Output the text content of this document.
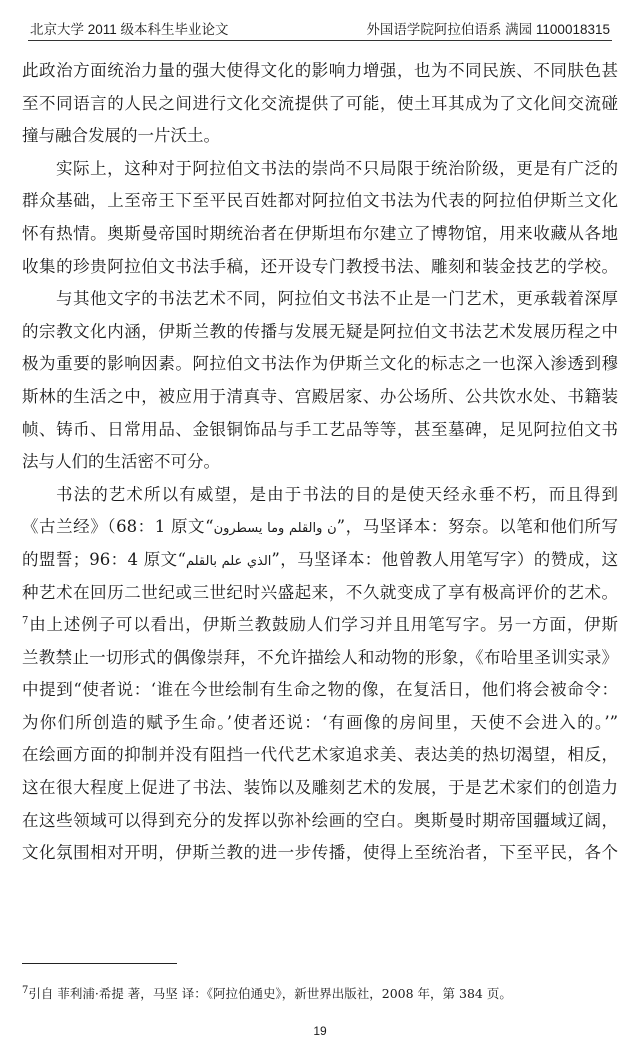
北京大学 2011 级本科生毕业论文	外国语学院阿拉伯语系 满园 1100018315
此政治方面统治力量的强大使得文化的影响力增强，也为不同民族、不同肤色甚
至不同语言的人民之间进行文化交流提供了可能，使土耳其成为了文化间交流碰
撞与融合发展的一片沃土。
实际上，这种对于阿拉伯文书法的崇尚不只局限于统治阶级，更是有广泛的
群众基础，上至帝王下至平民百姓都对阿拉伯文书法为代表的阿拉伯伊斯兰文化
怀有热情。奥斯曼帝国时期统治者在伊斯坦布尔建立了博物馆，用来收藏从各地
收集的珍贵阿拉伯文书法手稿，还开设专门教授书法、雕刻和装金技艺的学校。
与其他文字的书法艺术不同，阿拉伯文书法不止是一门艺术，更承载着深厚
的宗教文化内涵，伊斯兰教的传播与发展无疑是阿拉伯文书法艺术发展历程之中
极为重要的影响因素。阿拉伯文书法作为伊斯兰文化的标志之一也深入渗透到穆
斯林的生活之中，被应用于清真寺、宫殿居家、办公场所、公共饮水处、书籍装
帧、铸币、日常用品、金银铜饰品与手工艺品等等，甚至墓碑，足见阿拉伯文书
法与人们的生活密不可分。
书法的艺术所以有威望，是由于书法的目的是使天经永垂不朽，而且得到
《古兰经》（68：1 原文“ن والقلم وما يسطرون”，马坚译本：努奈。以笔和他们所写
的盟誓；96：4 原文“الذي علم بالقلم”，马坚译本：他曾教人用笔写字）的赞成，这
种艺术在回历二世纪或三世纪时兴盛起来，不久就变成了享有极高评价的艺术。
$^7$由上述例子可以看出，伊斯兰教鼓励人们学习并且用笔写字。另一方面，伊斯
兰教禁止一切形式的偶像崇拜，不允许描绘人和动物的形象，《布哈里圣训实录》
中提到“使者说：‘谁在今世绘制有生命之物的像，在复活日，他们将会被命令：
为你们所创造的赋予生命。’使者还说：‘有画像的房间里，天使不会进入的。’”
在绘画方面的抑制并没有阻挡一代代艺术家追求美、表达美的热切渴望，相反，
这在很大程度上促进了书法、装饰以及雕刻艺术的发展，于是艺术家们的创造力
在这些领域可以得到充分的发挥以弥补绘画的空白。奥斯曼时期帝国疆域辽阔，
文化氛围相对开明，伊斯兰教的进一步传播，使得上至统治者，下至平民，各个
$^7$引自 菲利浦·希提 著，马坚 译：《阿拉伯通史》，新世界出版社，2008 年，第 384 页。
19
